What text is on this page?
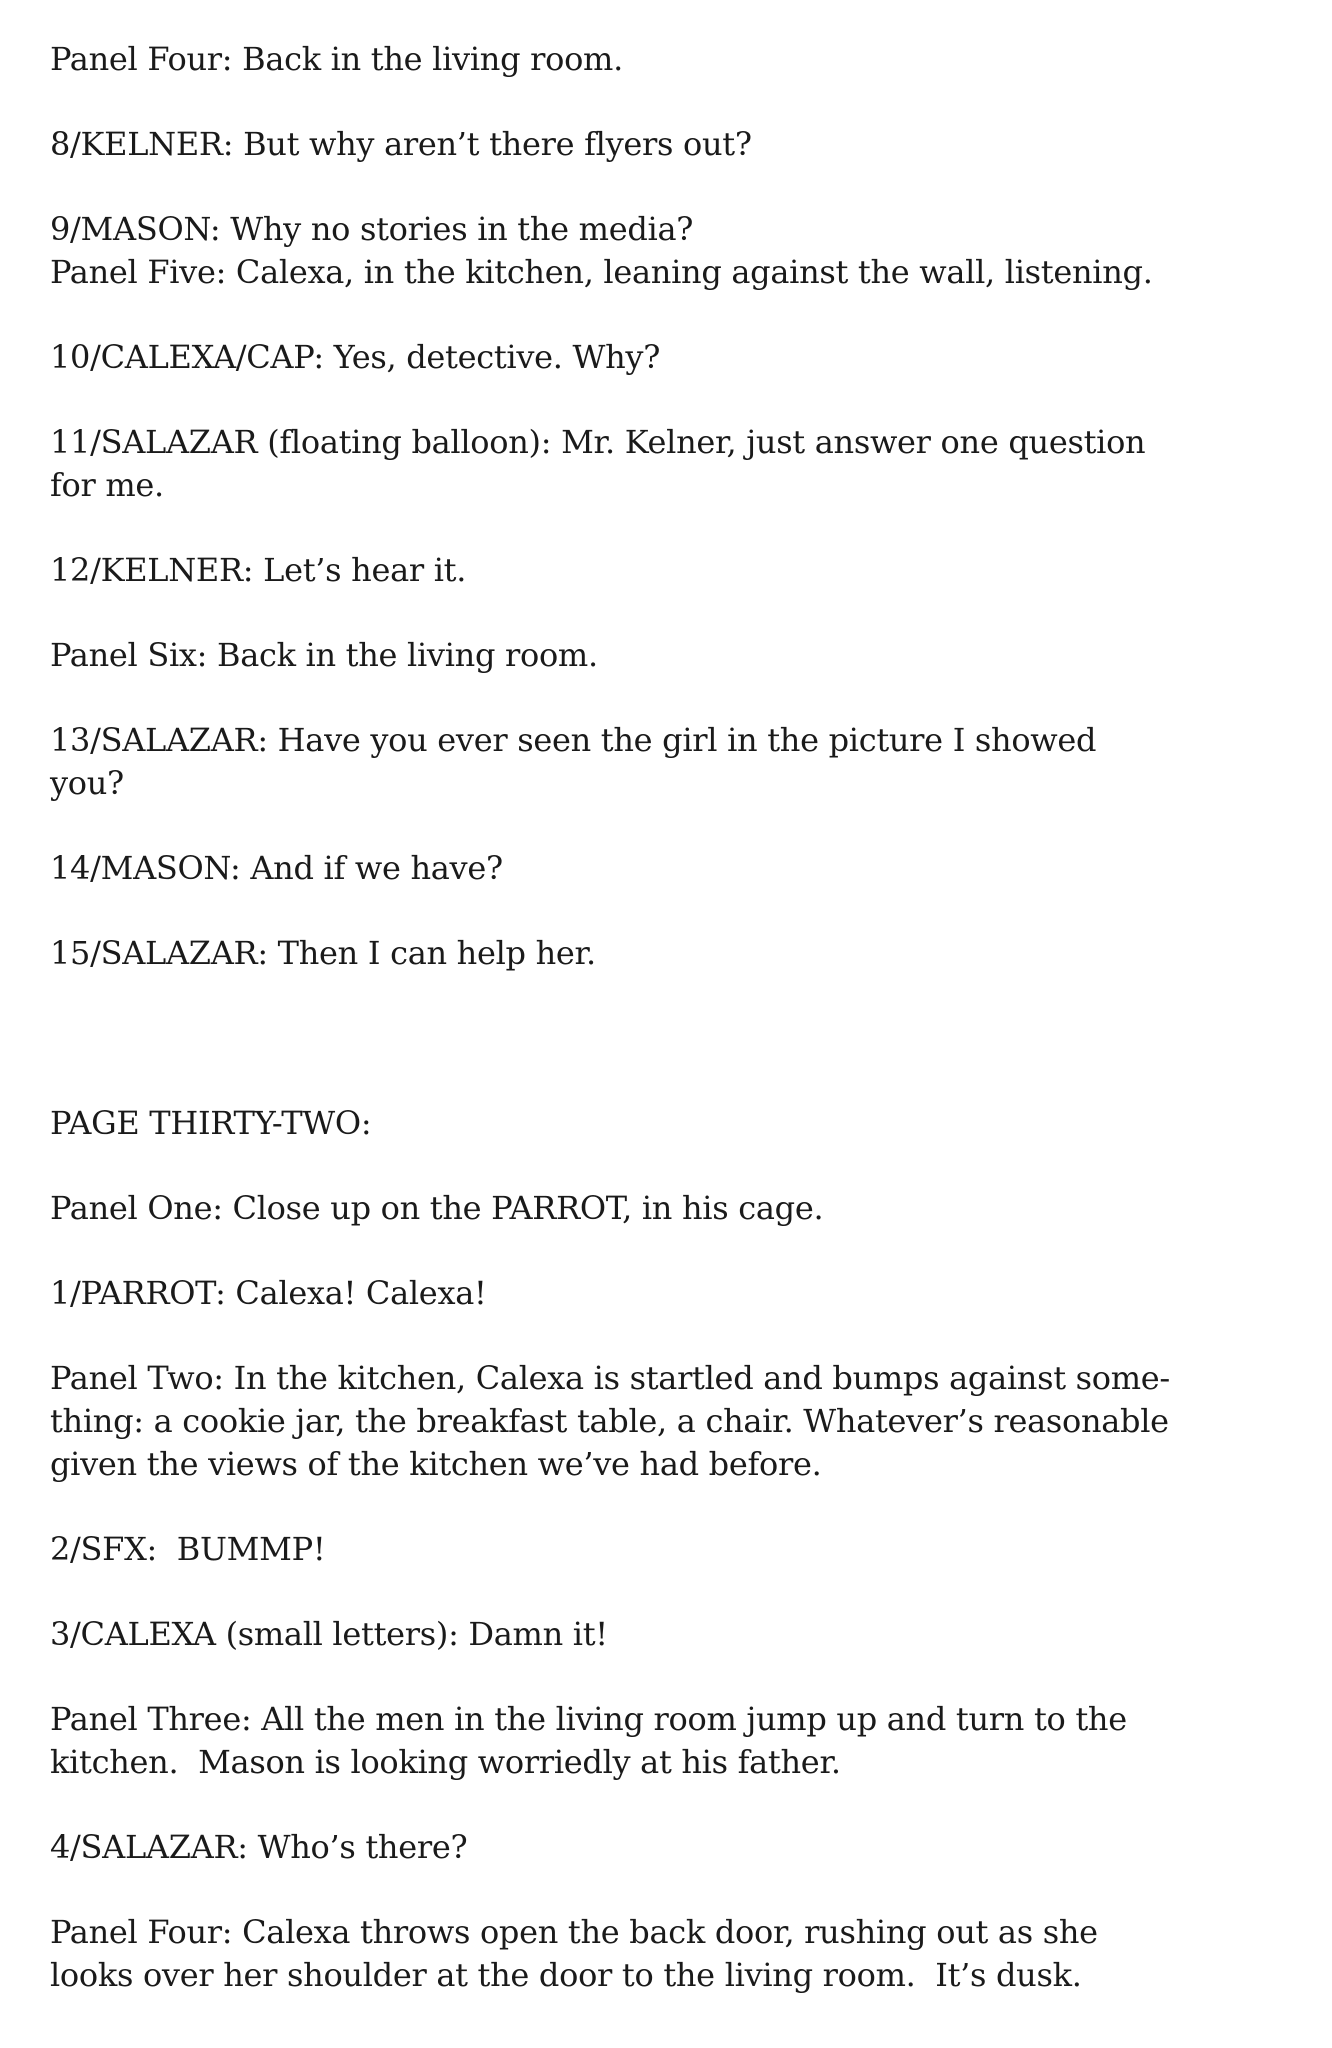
Panel Four: Back in the living room.
8/KELNER: But why aren’t there flyers out?
9/MASON: Why no stories in the media?
Panel Five: Calexa, in the kitchen, leaning against the wall, listening.
10/CALEXA/CAP: Yes, detective. Why?
11/SALAZAR (floating balloon): Mr. Kelner, just answer one question
for me.
12/KELNER: Let’s hear it.
Panel Six: Back in the living room.
13/SALAZAR: Have you ever seen the girl in the picture I showed
you?
14/MASON: And if we have?
15/SALAZAR: Then I can help her.
PAGE THIRTY-TWO:
Panel One: Close up on the PARROT, in his cage.
1/PARROT: Calexa! Calexa!
Panel Two: In the kitchen, Calexa is startled and bumps against some-
thing: a cookie jar, the breakfast table, a chair. Whatever’s reasonable
given the views of the kitchen we’ve had before.
2/SFX:  BUMMP!
3/CALEXA (small letters): Damn it!
Panel Three: All the men in the living room jump up and turn to the
kitchen.  Mason is looking worriedly at his father.
4/SALAZAR: Who’s there?
Panel Four: Calexa throws open the back door, rushing out as she
looks over her shoulder at the door to the living room.  It’s dusk.
